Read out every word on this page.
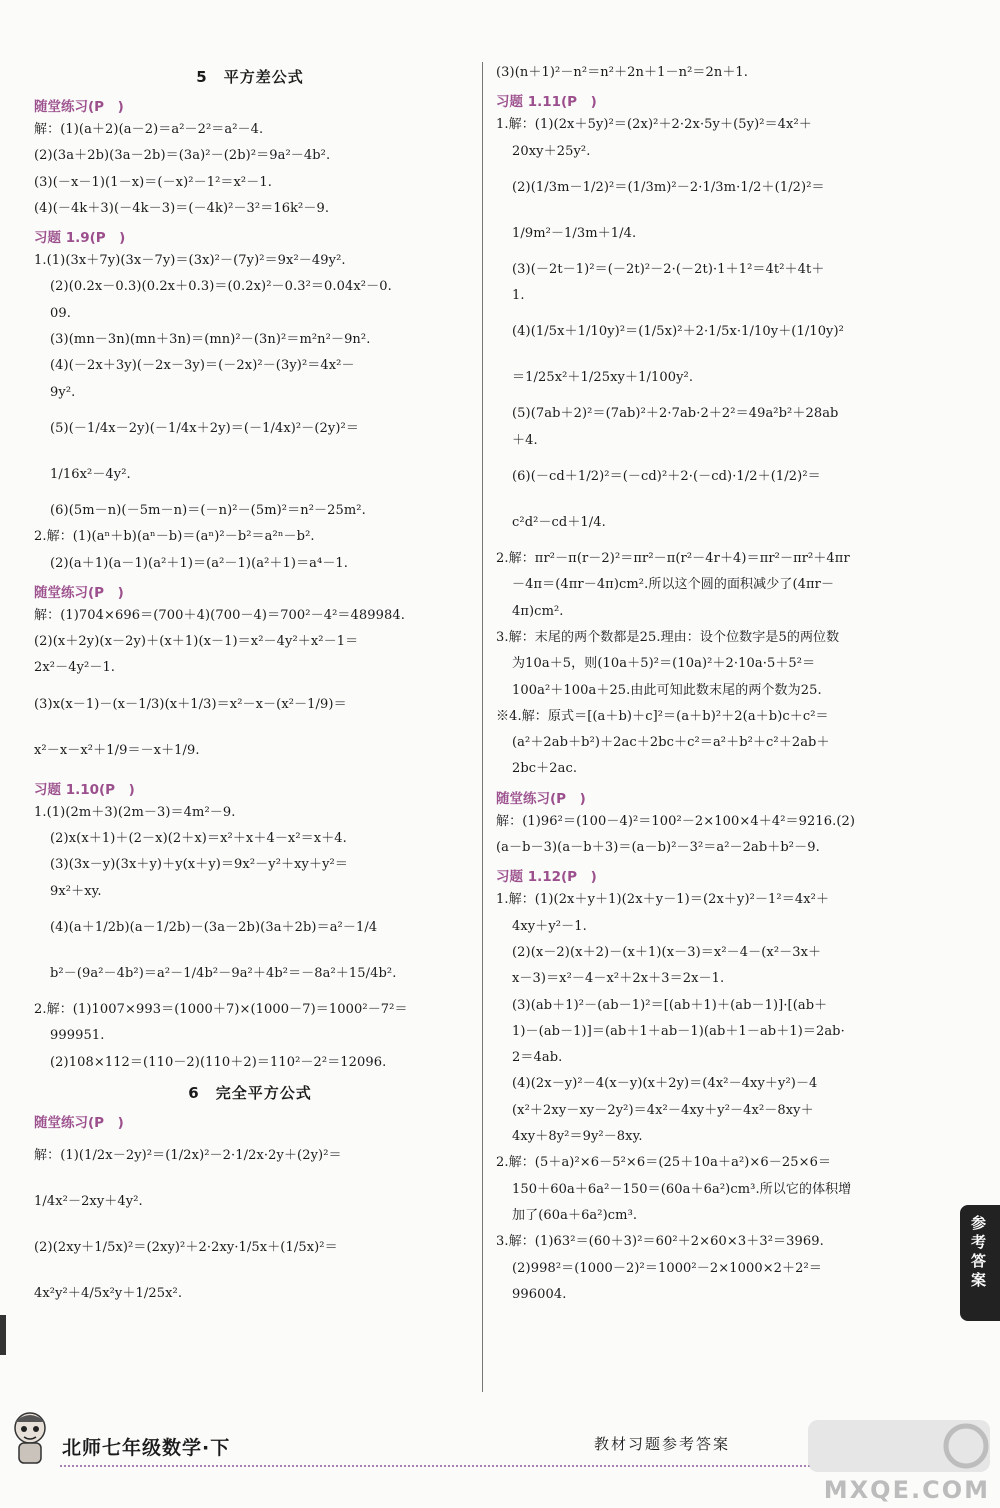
5　平方差公式
随堂练习(P　)
解：(1)(a＋2)(a－2)＝a²－2²＝a²－4.
(2)(3a＋2b)(3a－2b)＝(3a)²－(2b)²＝9a²－4b².
(3)(－x－1)(1－x)＝(－x)²－1²＝x²－1.
(4)(－4k＋3)(－4k－3)＝(－4k)²－3²＝16k²－9.
习题 1.9(P　)
1.(1)(3x＋7y)(3x－7y)＝(3x)²－(7y)²＝9x²－49y².
(2)(0.2x－0.3)(0.2x＋0.3)＝(0.2x)²－0.3²＝0.04x²－0.
09.
(3)(mn－3n)(mn＋3n)＝(mn)²－(3n)²＝m²n²－9n².
(4)(－2x＋3y)(－2x－3y)＝(－2x)²－(3y)²＝4x²－
9y².
(5)(－1/4x－2y)(－1/4x＋2y)＝(－1/4x)²－(2y)²＝
1/16x²－4y².
(6)(5m－n)(－5m－n)＝(－n)²－(5m)²＝n²－25m².
2.解：(1)(aⁿ＋b)(aⁿ－b)＝(aⁿ)²－b²＝a²ⁿ－b².
(2)(a＋1)(a－1)(a²＋1)＝(a²－1)(a²＋1)＝a⁴－1.
随堂练习(P　)
解：(1)704×696＝(700＋4)(700－4)＝700²－4²＝489984.
(2)(x＋2y)(x－2y)＋(x＋1)(x－1)＝x²－4y²＋x²－1＝
2x²－4y²－1.
(3)x(x－1)－(x－1/3)(x＋1/3)＝x²－x－(x²－1/9)＝
x²－x－x²＋1/9＝－x＋1/9.
习题 1.10(P　)
1.(1)(2m＋3)(2m－3)＝4m²－9.
(2)x(x＋1)＋(2－x)(2＋x)＝x²＋x＋4－x²＝x＋4.
(3)(3x－y)(3x＋y)＋y(x＋y)＝9x²－y²＋xy＋y²＝
9x²＋xy.
(4)(a＋1/2b)(a－1/2b)－(3a－2b)(3a＋2b)＝a²－1/4
b²－(9a²－4b²)＝a²－1/4b²－9a²＋4b²＝－8a²＋15/4b².
2.解：(1)1007×993＝(1000＋7)×(1000－7)＝1000²－7²＝
999951.
(2)108×112＝(110－2)(110＋2)＝110²－2²＝12096.
6　完全平方公式
随堂练习(P　)
解：(1)(1/2x－2y)²＝(1/2x)²－2·1/2x·2y＋(2y)²＝
1/4x²－2xy＋4y².
(2)(2xy＋1/5x)²＝(2xy)²＋2·2xy·1/5x＋(1/5x)²＝
4x²y²＋4/5x²y＋1/25x².
(3)(n＋1)²－n²＝n²＋2n＋1－n²＝2n＋1.
习题 1.11(P　)
1.解：(1)(2x＋5y)²＝(2x)²＋2·2x·5y＋(5y)²＝4x²＋
20xy＋25y².
(2)(1/3m－1/2)²＝(1/3m)²－2·1/3m·1/2＋(1/2)²＝
1/9m²－1/3m＋1/4.
(3)(－2t－1)²＝(－2t)²－2·(－2t)·1＋1²＝4t²＋4t＋
1.
(4)(1/5x＋1/10y)²＝(1/5x)²＋2·1/5x·1/10y＋(1/10y)²
＝1/25x²＋1/25xy＋1/100y².
(5)(7ab＋2)²＝(7ab)²＋2·7ab·2＋2²＝49a²b²＋28ab
＋4.
(6)(－cd＋1/2)²＝(－cd)²＋2·(－cd)·1/2＋(1/2)²＝
c²d²－cd＋1/4.
2.解：πr²－π(r－2)²＝πr²－π(r²－4r＋4)＝πr²－πr²＋4πr
－4π＝(4πr－4π)cm².所以这个圆的面积减少了(4πr－
4π)cm².
3.解：末尾的两个数都是25.理由：设个位数字是5的两位数
为10a＋5，则(10a＋5)²＝(10a)²＋2·10a·5＋5²＝
100a²＋100a＋25.由此可知此数末尾的两个数为25.
※4.解：原式＝[(a＋b)＋c]²＝(a＋b)²＋2(a＋b)c＋c²＝
(a²＋2ab＋b²)＋2ac＋2bc＋c²＝a²＋b²＋c²＋2ab＋
2bc＋2ac.
随堂练习(P　)
解：(1)96²＝(100－4)²＝100²－2×100×4＋4²＝9216.(2)
(a－b－3)(a－b＋3)＝(a－b)²－3²＝a²－2ab＋b²－9.
习题 1.12(P　)
1.解：(1)(2x＋y＋1)(2x＋y－1)＝(2x＋y)²－1²＝4x²＋
4xy＋y²－1.
(2)(x－2)(x＋2)－(x＋1)(x－3)＝x²－4－(x²－3x＋
x－3)＝x²－4－x²＋2x＋3＝2x－1.
(3)(ab＋1)²－(ab－1)²＝[(ab＋1)＋(ab－1)]·[(ab＋
1)－(ab－1)]＝(ab＋1＋ab－1)(ab＋1－ab＋1)＝2ab·
2＝4ab.
(4)(2x－y)²－4(x－y)(x＋2y)＝(4x²－4xy＋y²)－4
(x²＋2xy－xy－2y²)＝4x²－4xy＋y²－4x²－8xy＋
4xy＋8y²＝9y²－8xy.
2.解：(5＋a)²×6－5²×6＝(25＋10a＋a²)×6－25×6＝
150＋60a＋6a²－150＝(60a＋6a²)cm³.所以它的体积增
加了(60a＋6a²)cm³.
3.解：(1)63²＝(60＋3)²＝60²＋2×60×3＋3²＝3969.
(2)998²＝(1000－2)²＝1000²－2×1000×2＋2²＝
996004.
参考答案
北师七年级数学·下	教材习题参考答案
MXQE.COM
